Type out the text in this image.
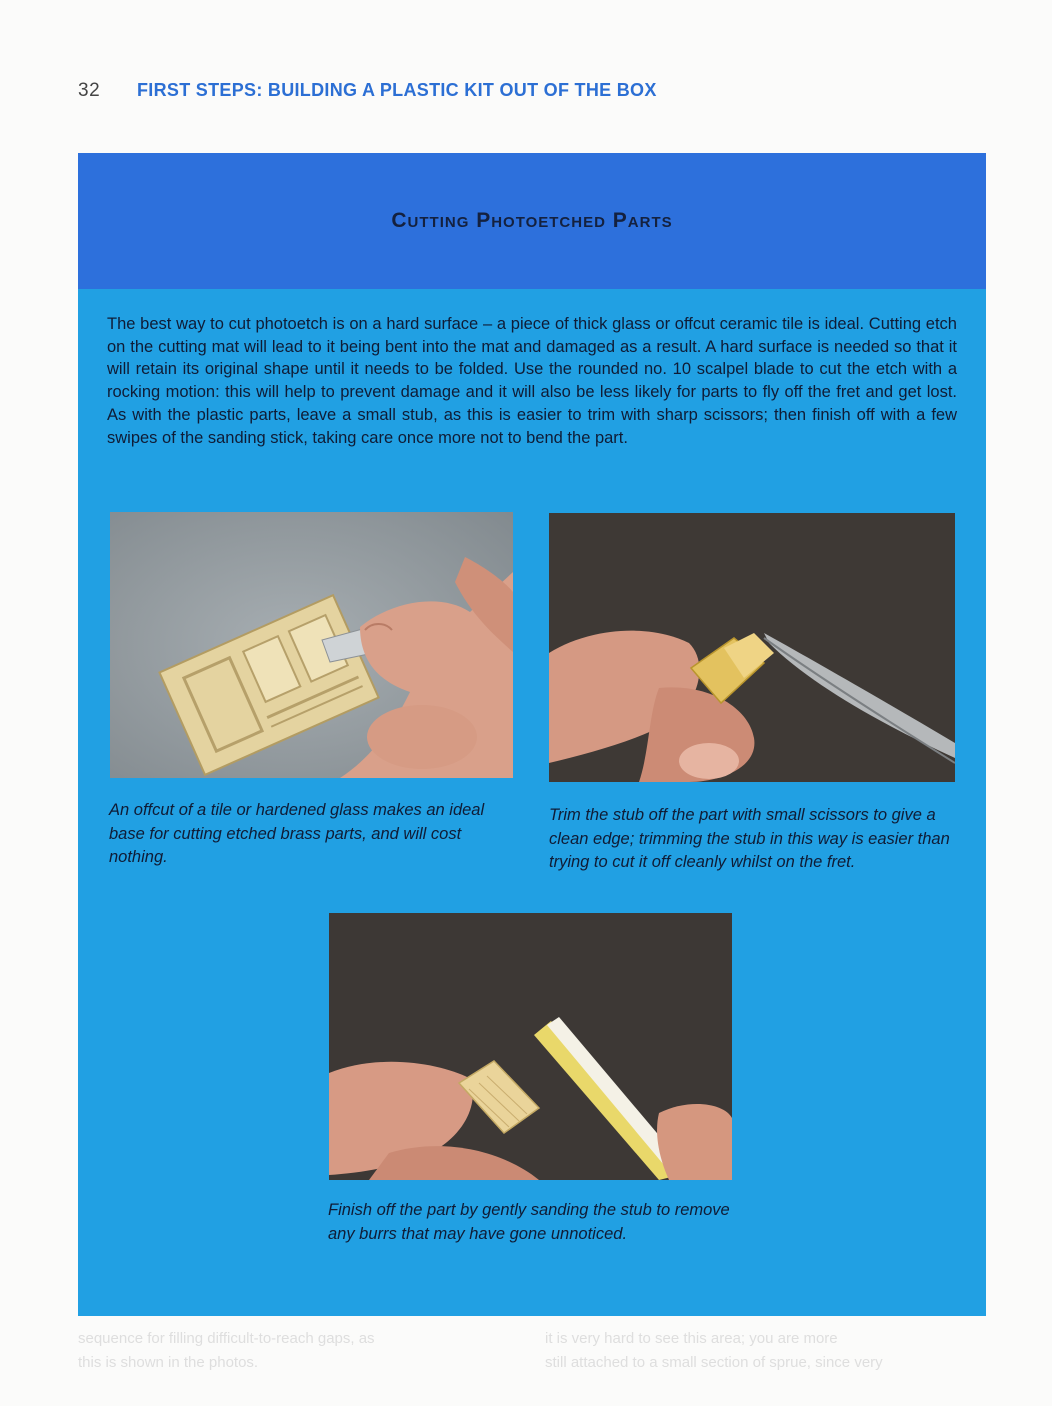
32 FIRST STEPS: BUILDING A PLASTIC KIT OUT OF THE BOX
sequence for filling difficult-to-reach gaps, as
this is shown in the photos.
it is very hard to see this area; you are more
still attached to a small section of sprue, since very
Cutting Photoetched Parts
The best way to cut photoetch is on a hard surface – a piece of thick glass or offcut ceramic tile is ideal. Cutting etch on the cutting mat will lead to it being bent into the mat and damaged as a result. A hard surface is needed so that it will retain its original shape until it needs to be folded. Use the rounded no. 10 scalpel blade to cut the etch with a rocking motion: this will help to prevent damage and it will also be less likely for parts to fly off the fret and get lost. As with the plastic parts, leave a small stub, as this is easier to trim with sharp scissors; then finish off with a few swipes of the sanding stick, taking care once more not to bend the part.
An offcut of a tile or hardened glass makes an ideal base for cutting etched brass parts, and will cost nothing.
Trim the stub off the part with small scissors to give a clean edge; trimming the stub in this way is easier than trying to cut it off cleanly whilst on the fret.
Finish off the part by gently sanding the stub to remove any burrs that may have gone unnoticed.
